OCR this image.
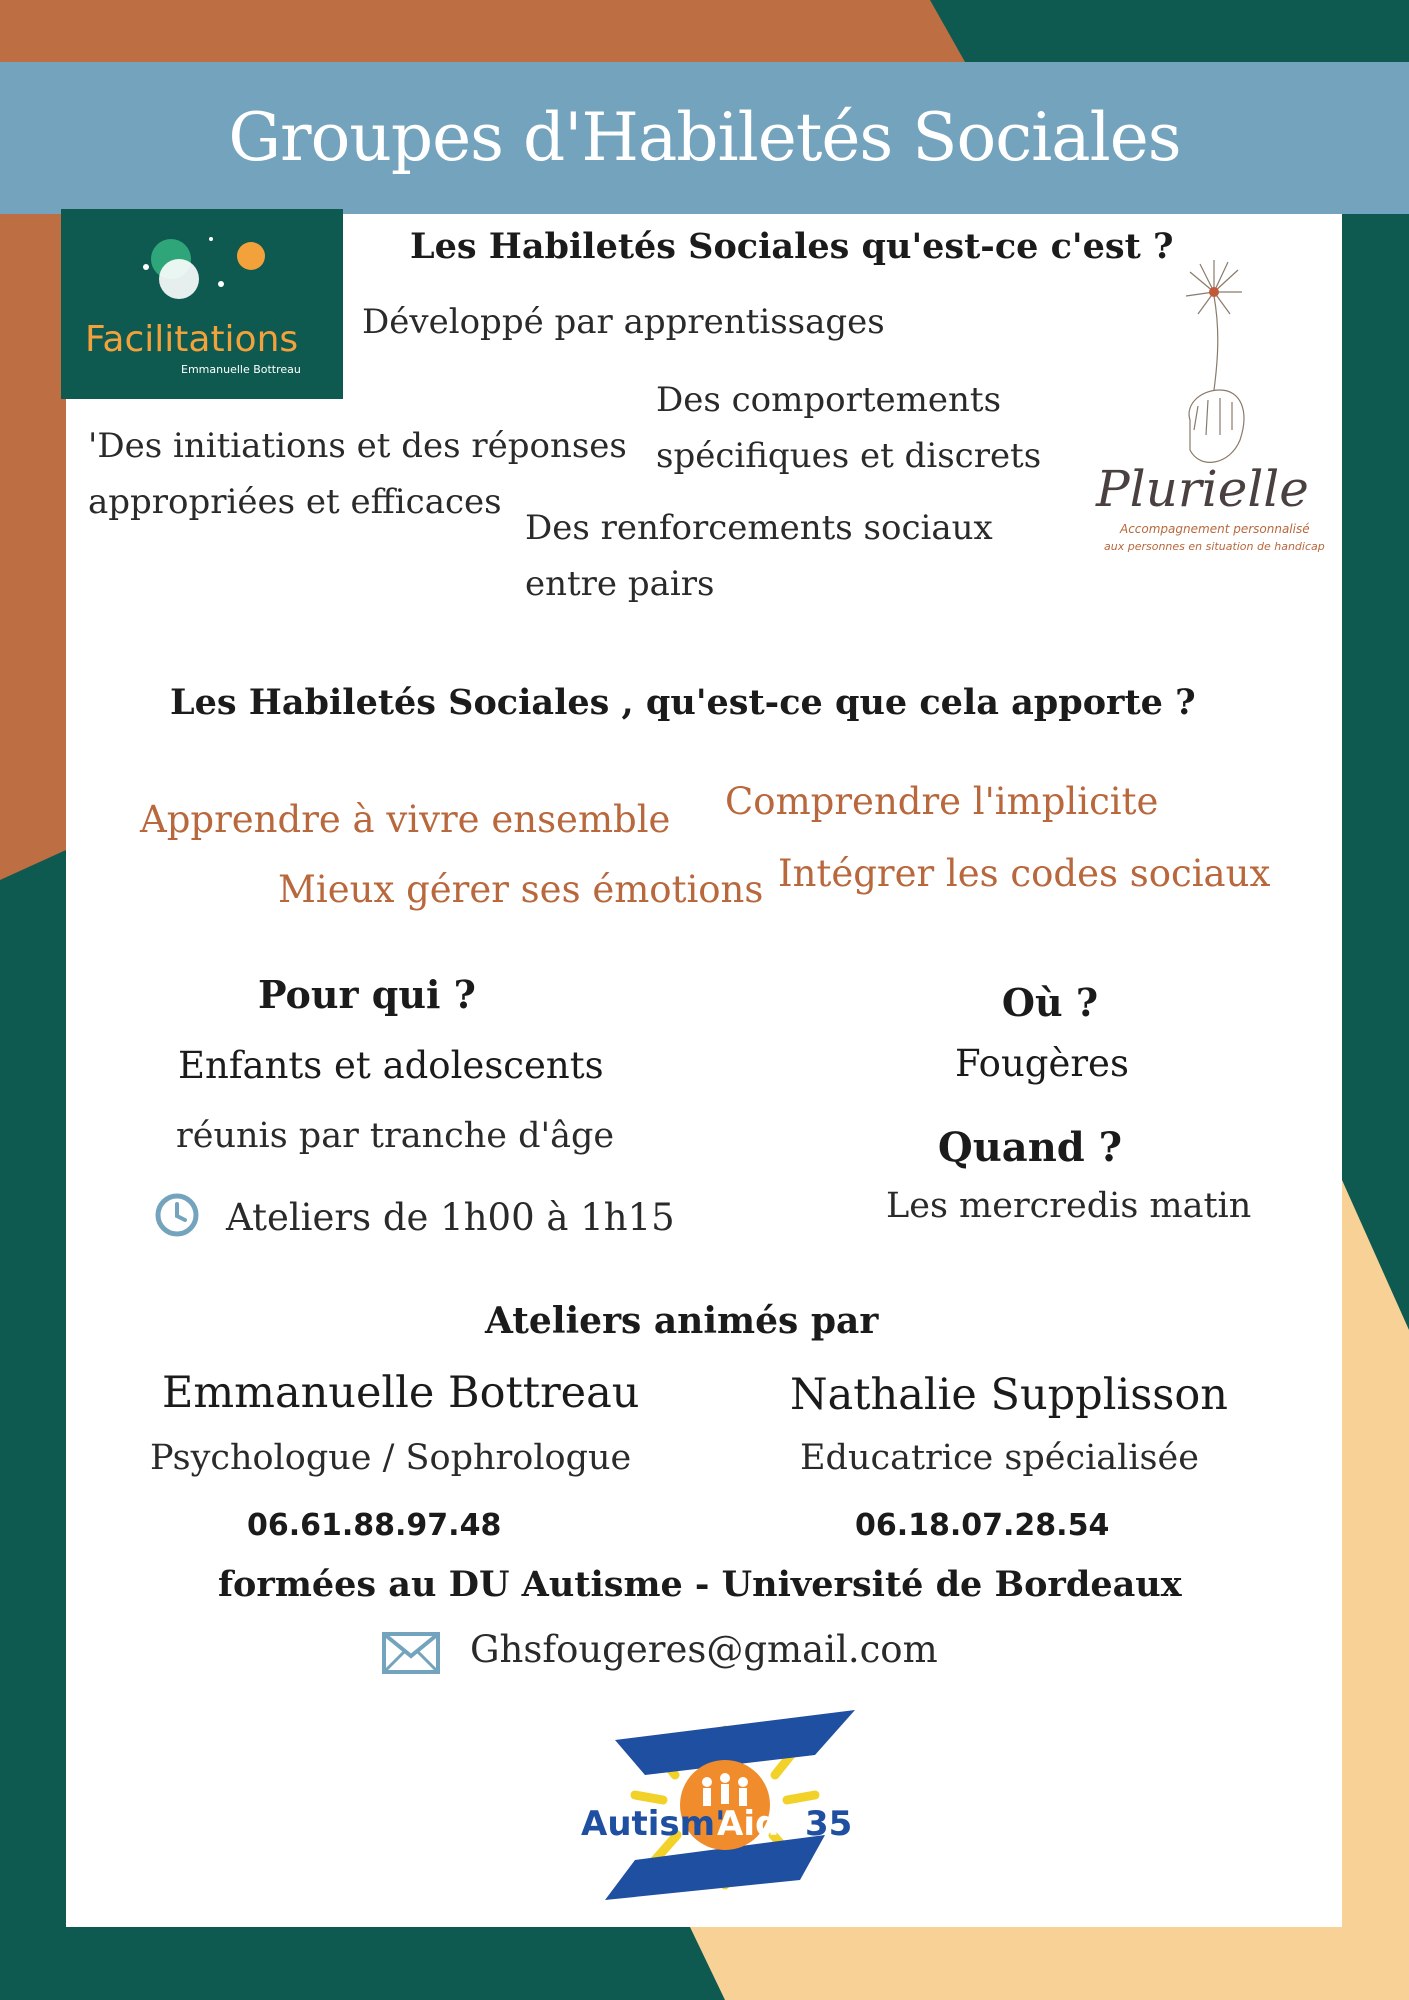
Groupes d'Habiletés Sociales
Facilitations
Emmanuelle Bottreau
Plurielle
Accompagnement personnalisé
aux personnes en situation de handicap
Les Habiletés Sociales qu'est-ce c'est ?
Développé par apprentissages
Des comportements
spécifiques et discrets
'Des initiations et des réponses
appropriées et efficaces
Des renforcements sociaux
entre pairs
Les Habiletés Sociales , qu'est-ce que cela apporte ?
Apprendre à vivre ensemble Comprendre l'implicite
Mieux gérer ses émotions Intégrer les codes sociaux
Pour qui ?
Enfants et adolescents
réunis par tranche d'âge
Ateliers de 1h00 à 1h15
Où ?
Fougères
Quand ?
Les mercredis matin
Ateliers animés par
Emmanuelle Bottreau
Psychologue / Sophrologue
06.61.88.97.48
Nathalie Supplisson
Educatrice spécialisée
06.18.07.28.54
formées au DU Autisme - Université de Bordeaux
Ghsfougeres@gmail.com
Autism'
Aide 35
